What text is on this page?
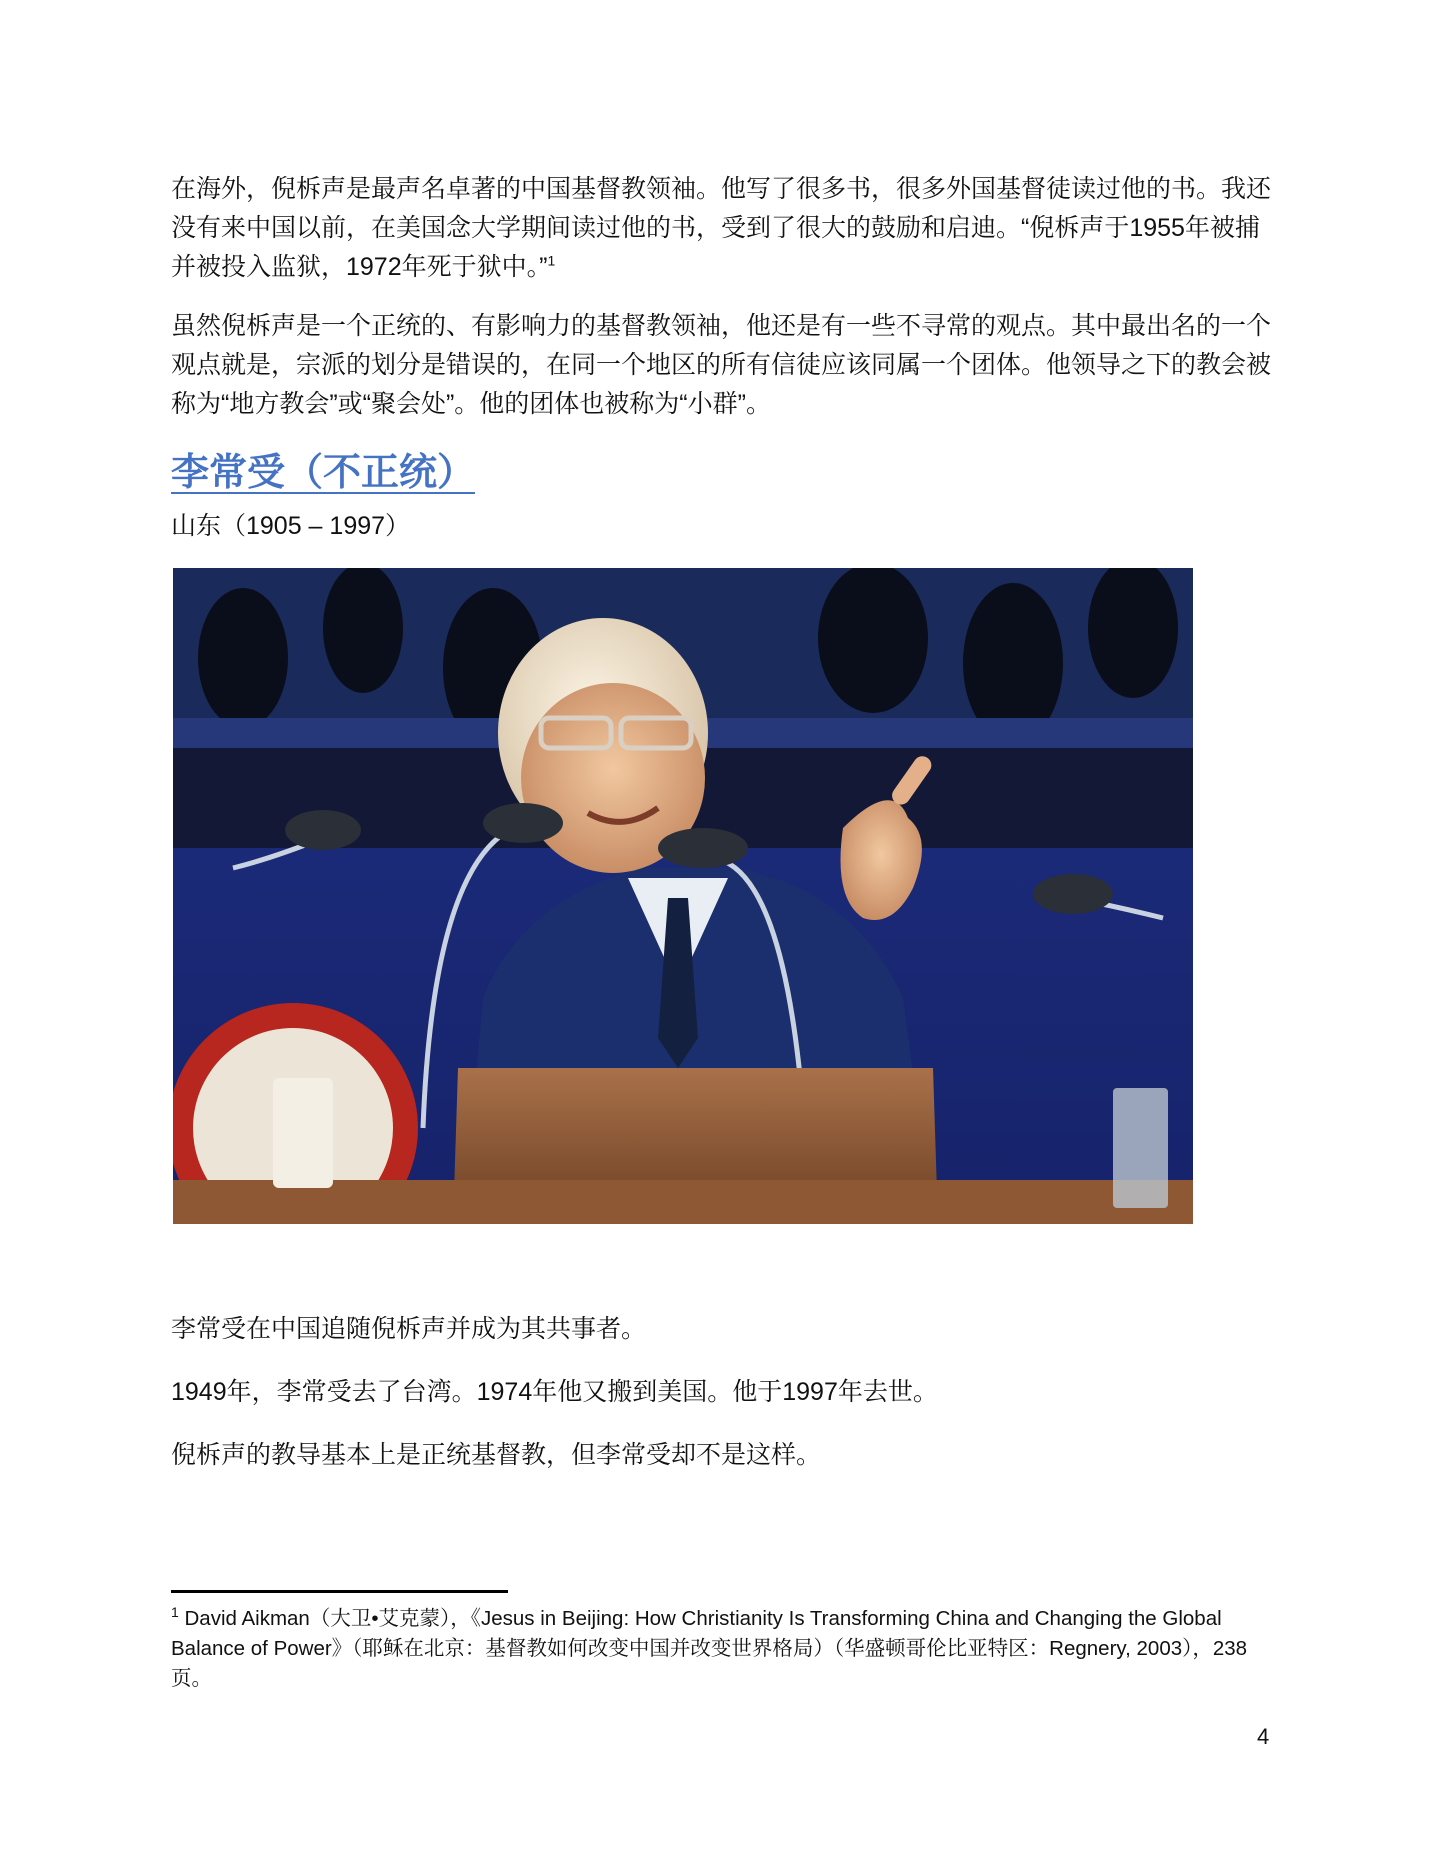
在海外，倪柝声是最声名卓著的中国基督教领袖。他写了很多书，很多外国基督徒读过他的书。我还没有来中国以前，在美国念大学期间读过他的书，受到了很大的鼓励和启迪。“倪柝声于1955年被捕并被投入监狱，1972年死于狱中。”$^1$

虽然倪柝声是一个正统的、有影响力的基督教领袖，他还是有一些不寻常的观点。其中最出名的一个观点就是，宗派的划分是错误的，在同一个地区的所有信徒应该同属一个团体。他领导之下的教会被称为“地方教会”或“聚会处”。他的团体也被称为“小群”。

李常受（不正统）

山东（1905 – 1997）

李常受在中国追随倪柝声并成为其共事者。

1949年，李常受去了台湾。1974年他又搬到美国。他于1997年去世。

倪柝声的教导基本上是正统基督教，但李常受却不是这样。

$^1$ David Aikman（大卫•艾克蒙），《Jesus in Beijing: How Christianity Is Transforming China and Changing the Global Balance of Power》（耶稣在北京：基督教如何改变中国并改变世界格局）（华盛顿哥伦比亚特区：Regnery, 2003），238页。

4
